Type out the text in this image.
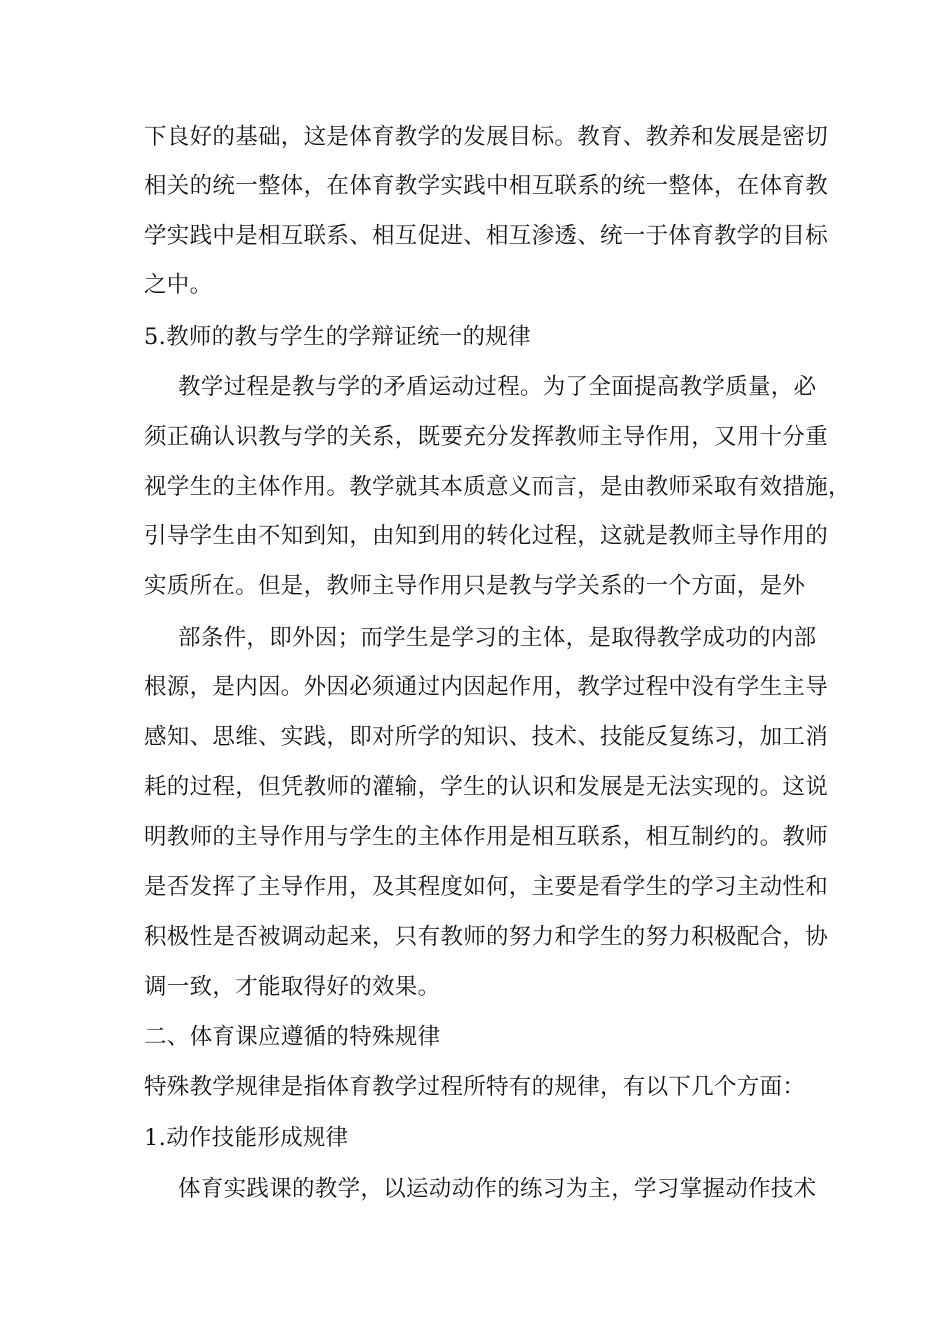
下良好的基础，这是体育教学的发展目标。教育、教养和发展是密切

相关的统一整体，在体育教学实践中相互联系的统一整体，在体育教

学实践中是相互联系、相互促进、相互渗透、统一于体育教学的目标

之中。

5.教师的教与学生的学辩证统一的规律

教学过程是教与学的矛盾运动过程。为了全面提高教学质量，必

须正确认识教与学的关系，既要充分发挥教师主导作用，又用十分重

视学生的主体作用。教学就其本质意义而言，是由教师采取有效措施，

引导学生由不知到知，由知到用的转化过程，这就是教师主导作用的

实质所在。但是，教师主导作用只是教与学关系的一个方面，是外

部条件，即外因；而学生是学习的主体，是取得教学成功的内部

根源，是内因。外因必须通过内因起作用，教学过程中没有学生主导

感知、思维、实践，即对所学的知识、技术、技能反复练习，加工消

耗的过程，但凭教师的灌输，学生的认识和发展是无法实现的。这说

明教师的主导作用与学生的主体作用是相互联系，相互制约的。教师

是否发挥了主导作用，及其程度如何，主要是看学生的学习主动性和

积极性是否被调动起来，只有教师的努力和学生的努力积极配合，协

调一致，才能取得好的效果。

二、体育课应遵循的特殊规律

特殊教学规律是指体育教学过程所特有的规律，有以下几个方面：

1.动作技能形成规律

体育实践课的教学，以运动动作的练习为主，学习掌握动作技术
